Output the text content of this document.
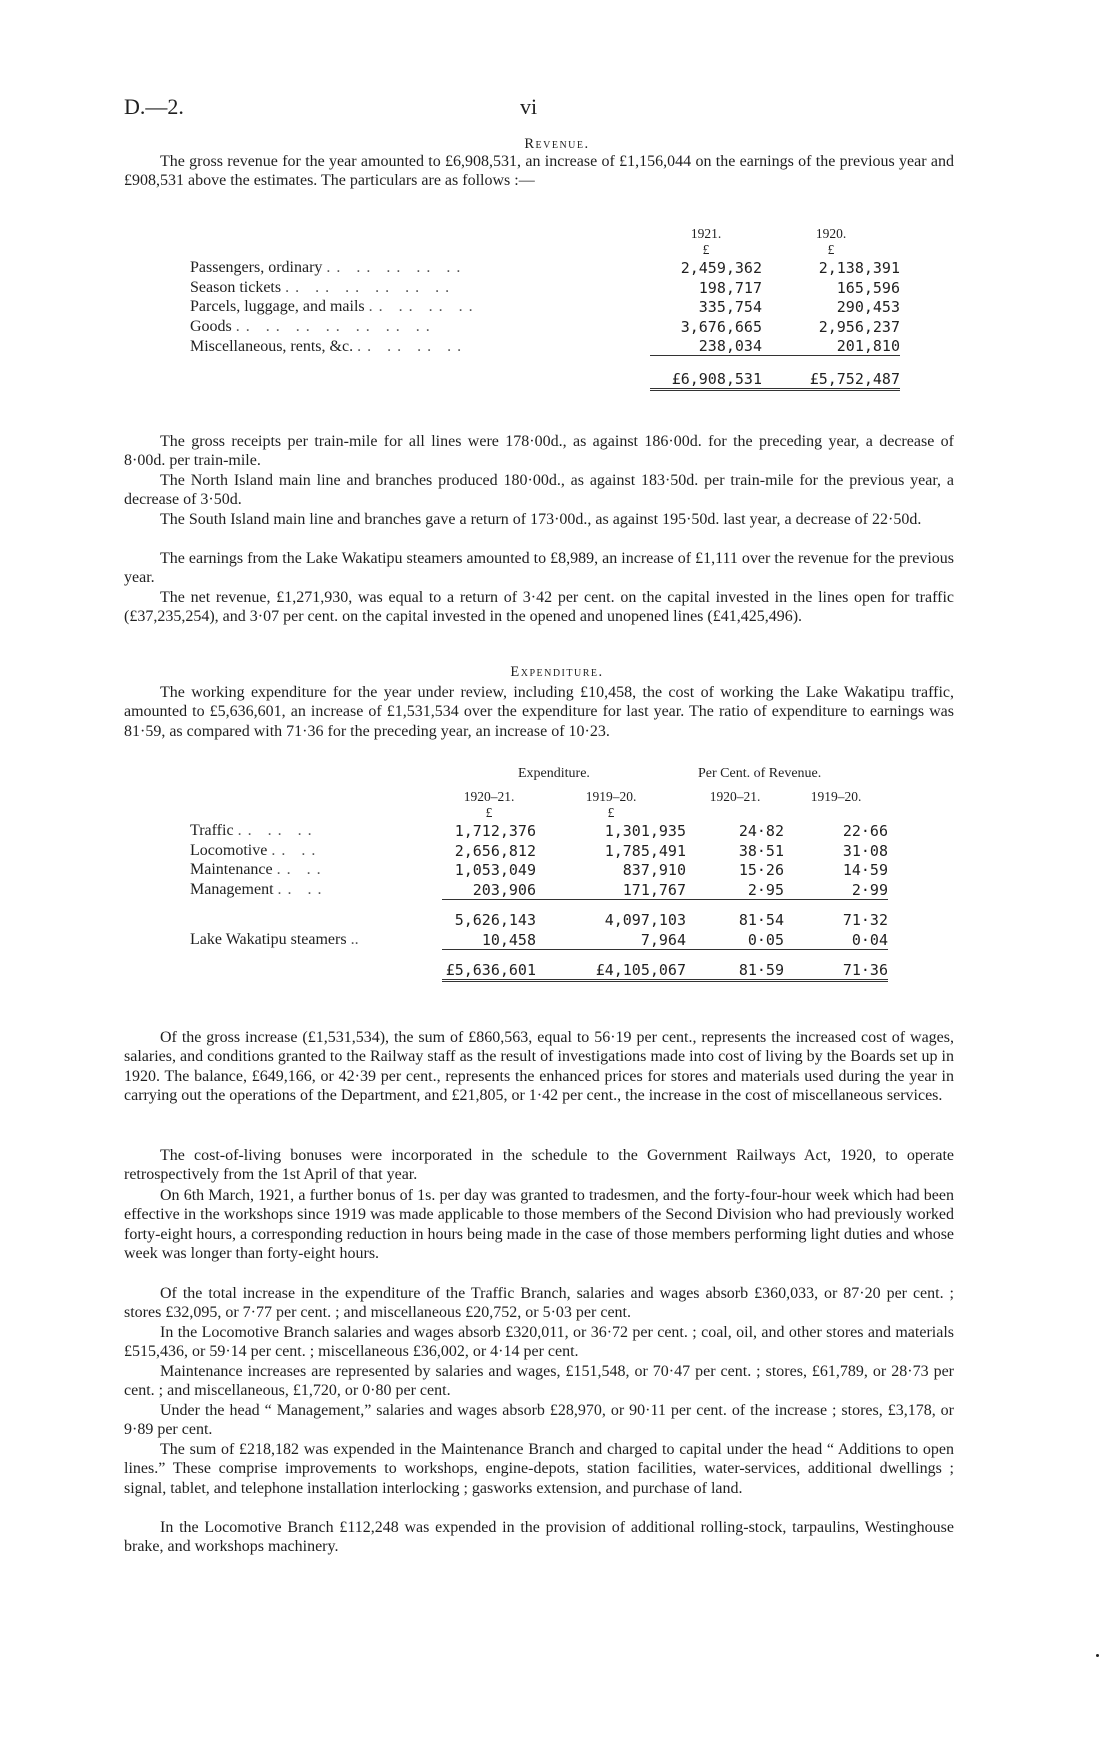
D.—2.	vi
Revenue.

The gross revenue for the year amounted to £6,908,531, an increase of £1,156,044 on the earnings of the previous year and £908,531 above the estimates. The particulars are as follows :—

	1921.	1920.
	£	£
Passengers, ordinary .. .. .. .. ..	2,459,362	2,138,391
Season tickets .. .. .. .. .. ..	198,717	165,596
Parcels, luggage, and mails .. .. .. ..	335,754	290,453
Goods .. .. .. .. .. .. ..	3,676,665	2,956,237
Miscellaneous, rents, &c. .. .. .. ..	238,034	201,810

	£6,908,531	£5,752,487

The gross receipts per train-mile for all lines were 178·00d., as against 186·00d. for the preceding year, a decrease of 8·00d. per train-mile.

The North Island main line and branches produced 180·00d., as against 183·50d. per train-mile for the previous year, a decrease of 3·50d.

The South Island main line and branches gave a return of 173·00d., as against 195·50d. last year, a decrease of 22·50d.

The earnings from the Lake Wakatipu steamers amounted to £8,989, an increase of £1,111 over the revenue for the previous year.

The net revenue, £1,271,930, was equal to a return of 3·42 per cent. on the capital invested in the lines open for traffic (£37,235,254), and 3·07 per cent. on the capital invested in the opened and unopened lines (£41,425,496).

Expenditure.

The working expenditure for the year under review, including £10,458, the cost of working the Lake Wakatipu traffic, amounted to £5,636,601, an increase of £1,531,534 over the expenditure for last year. The ratio of expenditure to earnings was 81·59, as compared with 71·36 for the preceding year, an increase of 10·23.

Expenditure.	Per Cent. of Revenue.
	1920–21.	1919–20.	1920–21.	1919–20.
	£	£		
Traffic .. .. ..	1,712,376	1,301,935	24·82	22·66
Locomotive .. ..	2,656,812	1,785,491	38·51	31·08
Maintenance .. ..	1,053,049	837,910	15·26	14·59
Management .. ..	203,906	171,767	2·95	2·99

	5,626,143	4,097,103	81·54	71·32
Lake Wakatipu steamers ..	10,458	7,964	0·05	0·04

	£5,636,601	£4,105,067	81·59	71·36

Of the gross increase (£1,531,534), the sum of £860,563, equal to 56·19 per cent., represents the increased cost of wages, salaries, and conditions granted to the Railway staff as the result of investigations made into cost of living by the Boards set up in 1920. The balance, £649,166, or 42·39 per cent., represents the enhanced prices for stores and materials used during the year in carrying out the operations of the Department, and £21,805, or 1·42 per cent., the increase in the cost of miscellaneous services.

The cost-of-living bonuses were incorporated in the schedule to the Government Railways Act, 1920, to operate retrospectively from the 1st April of that year.

On 6th March, 1921, a further bonus of 1s. per day was granted to tradesmen, and the forty-four-hour week which had been effective in the workshops since 1919 was made applicable to those members of the Second Division who had previously worked forty-eight hours, a corresponding reduction in hours being made in the case of those members performing light duties and whose week was longer than forty-eight hours.

Of the total increase in the expenditure of the Traffic Branch, salaries and wages absorb £360,033, or 87·20 per cent. ; stores £32,095, or 7·77 per cent. ; and miscellaneous £20,752, or 5·03 per cent.

In the Locomotive Branch salaries and wages absorb £320,011, or 36·72 per cent. ; coal, oil, and other stores and materials £515,436, or 59·14 per cent. ; miscellaneous £36,002, or 4·14 per cent.

Maintenance increases are represented by salaries and wages, £151,548, or 70·47 per cent. ; stores, £61,789, or 28·73 per cent. ; and miscellaneous, £1,720, or 0·80 per cent.

Under the head “ Management,” salaries and wages absorb £28,970, or 90·11 per cent. of the increase ; stores, £3,178, or 9·89 per cent.

The sum of £218,182 was expended in the Maintenance Branch and charged to capital under the head “ Additions to open lines.” These comprise improvements to workshops, engine-depots, station facilities, water-services, additional dwellings ; signal, tablet, and telephone installation interlocking ; gasworks extension, and purchase of land.

In the Locomotive Branch £112,248 was expended in the provision of additional rolling-stock, tarpaulins, Westinghouse brake, and workshops machinery.
